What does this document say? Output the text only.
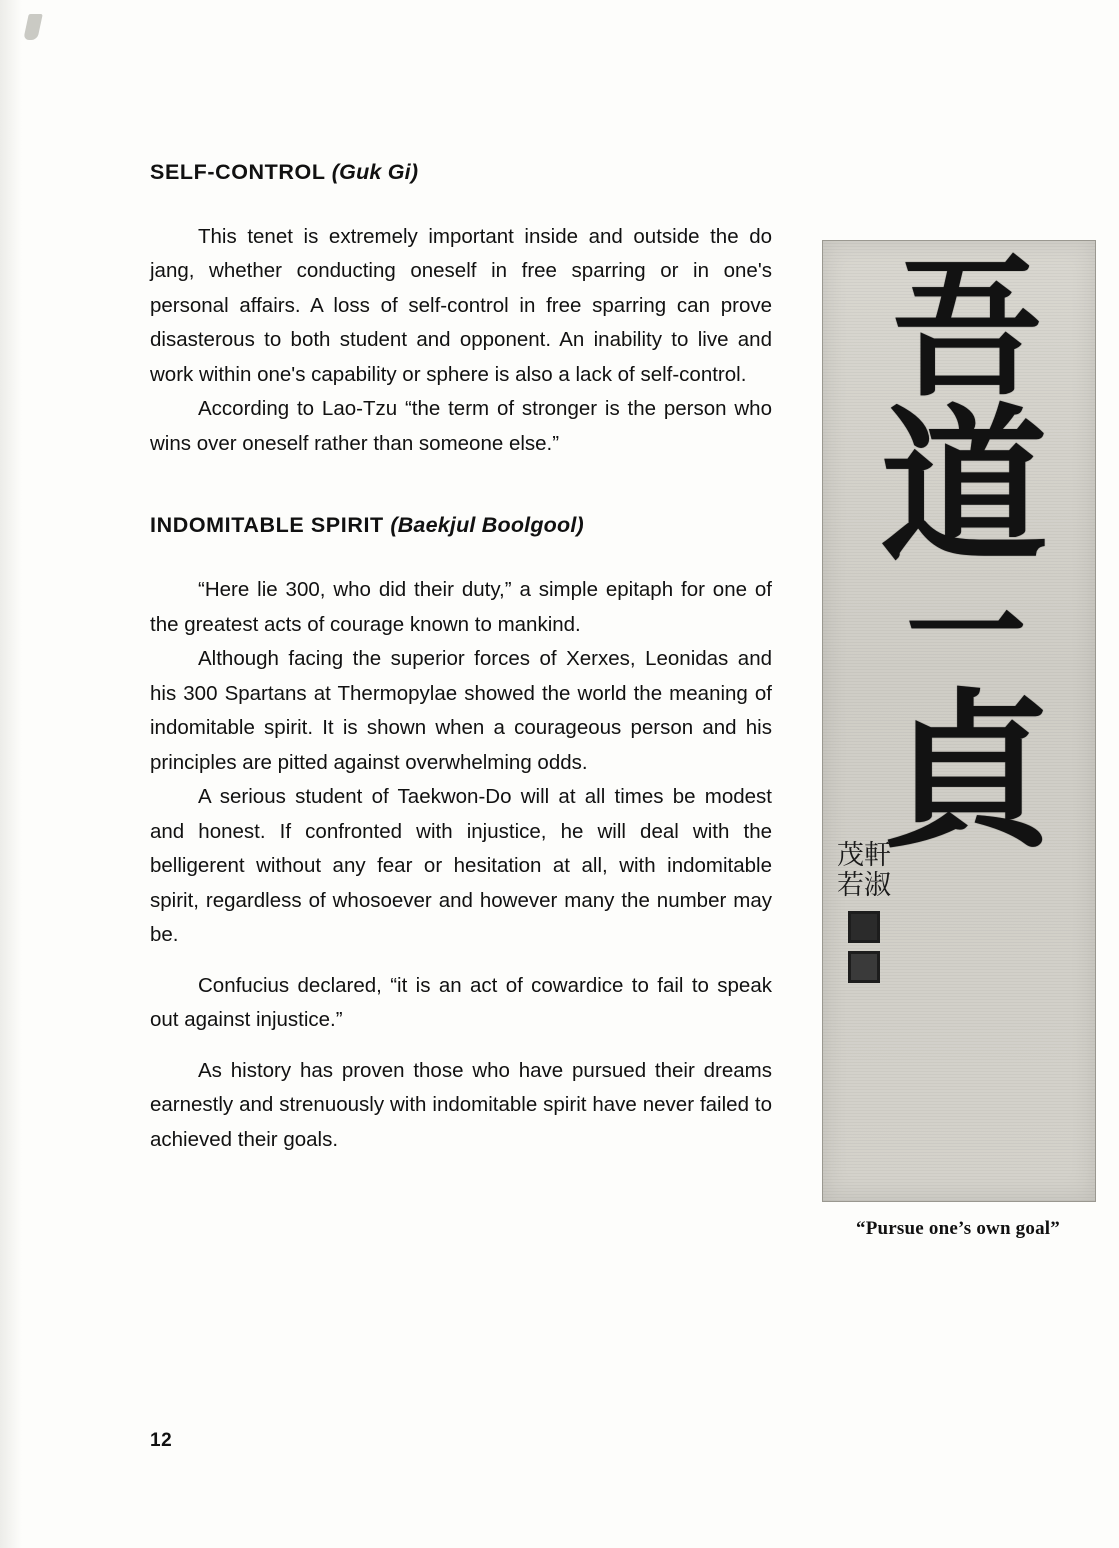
SELF-CONTROL (Guk Gi)

This tenet is extremely important inside and outside the do jang, whether conducting oneself in free sparring or in one's personal affairs. A loss of self-control in free sparring can prove disasterous to both student and opponent. An inability to live and work within one's capability or sphere is also a lack of self-control.

According to Lao-Tzu “the term of stronger is the person who wins over oneself rather than someone else.”

INDOMITABLE SPIRIT (Baekjul Boolgool)

“Here lie 300, who did their duty,” a simple epitaph for one of the greatest acts of courage known to mankind.

Although facing the superior forces of Xerxes, Leonidas and his 300 Spartans at Thermopylae showed the world the meaning of indomitable spirit. It is shown when a courageous person and his principles are pitted against overwhelming odds.

A serious student of Taekwon-Do will at all times be modest and honest. If confronted with injustice, he will deal with the belligerent without any fear or hesitation at all, with indomitable spirit, regardless of whosoever and however many the number may be.

Confucius declared, “it is an act of cowardice to fail to speak out against injustice.”

As history has proven those who have pursued their dreams earnestly and strenuously with indomitable spirit have never failed to achieved their goals.

吾
道
一
貞
茂軒 若淑
“Pursue one’s own goal”
12
